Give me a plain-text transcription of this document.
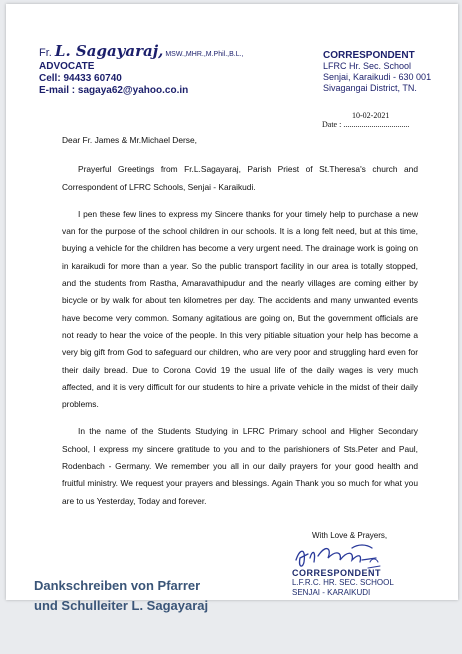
Fr. L. Sagayaraj, MSW.,MHR.,M.Phil.,B.L.,
ADVOCATE
Cell: 94433 60740
E-mail : sagaya62@yahoo.co.in
CORRESPONDENT
LFRC Hr. Sec. School
Senjai, Karaikudi - 630 001
Sivagangai District, TN.
10-02-2021
Date : .................................

Dear Fr. James & Mr.Michael Derse,

Prayerful Greetings from Fr.L.Sagayaraj, Parish Priest of St.Theresa's church and Correspondent of LFRC Schools, Senjai - Karaikudi.

I pen these few lines to express my Sincere thanks for your timely help to purchase a new van for the purpose of the school children in our schools. It is a long felt need, but at this time, buying a vehicle for the children has become a very urgent need. The drainage work is going on in karaikudi for more than a year. So the public transport facility in our area is totally stopped, and the students from Rastha, Amaravathipudur and the nearly villages are coming either by bicycle or by walk for about ten kilometres per day. The accidents and many unwanted events have become very common. Somany agitatious are going on, But the government officials are not ready to hear the voice of the people. In this very pitiable situation your help has become a very big gift from God to safeguard our children, who are very poor and struggling hard even for their daily bread. Due to Corona Covid 19 the usual life of the daily wages is very much affected, and it is very difficult for our students to hire a private vehicle in the midst of their daily problems.

In the name of the Students Studying in LFRC Primary school and Higher Secondary School, I express my sincere gratitude to you and to the parishioners of Sts.Peter and Paul, Rodenbach - Germany. We remember you all in our daily prayers for your good health and fruitful ministry. We request your prayers and blessings. Again Thank you so much for what you are to us Yesterday, Today and forever.

With Love & Prayers,
CORRESPONDENT
L.F.R.C. HR. SEC. SCHOOL
SENJAI - KARAIKUDI
Dankschreiben von Pfarrer
und Schulleiter L. Sagayaraj
